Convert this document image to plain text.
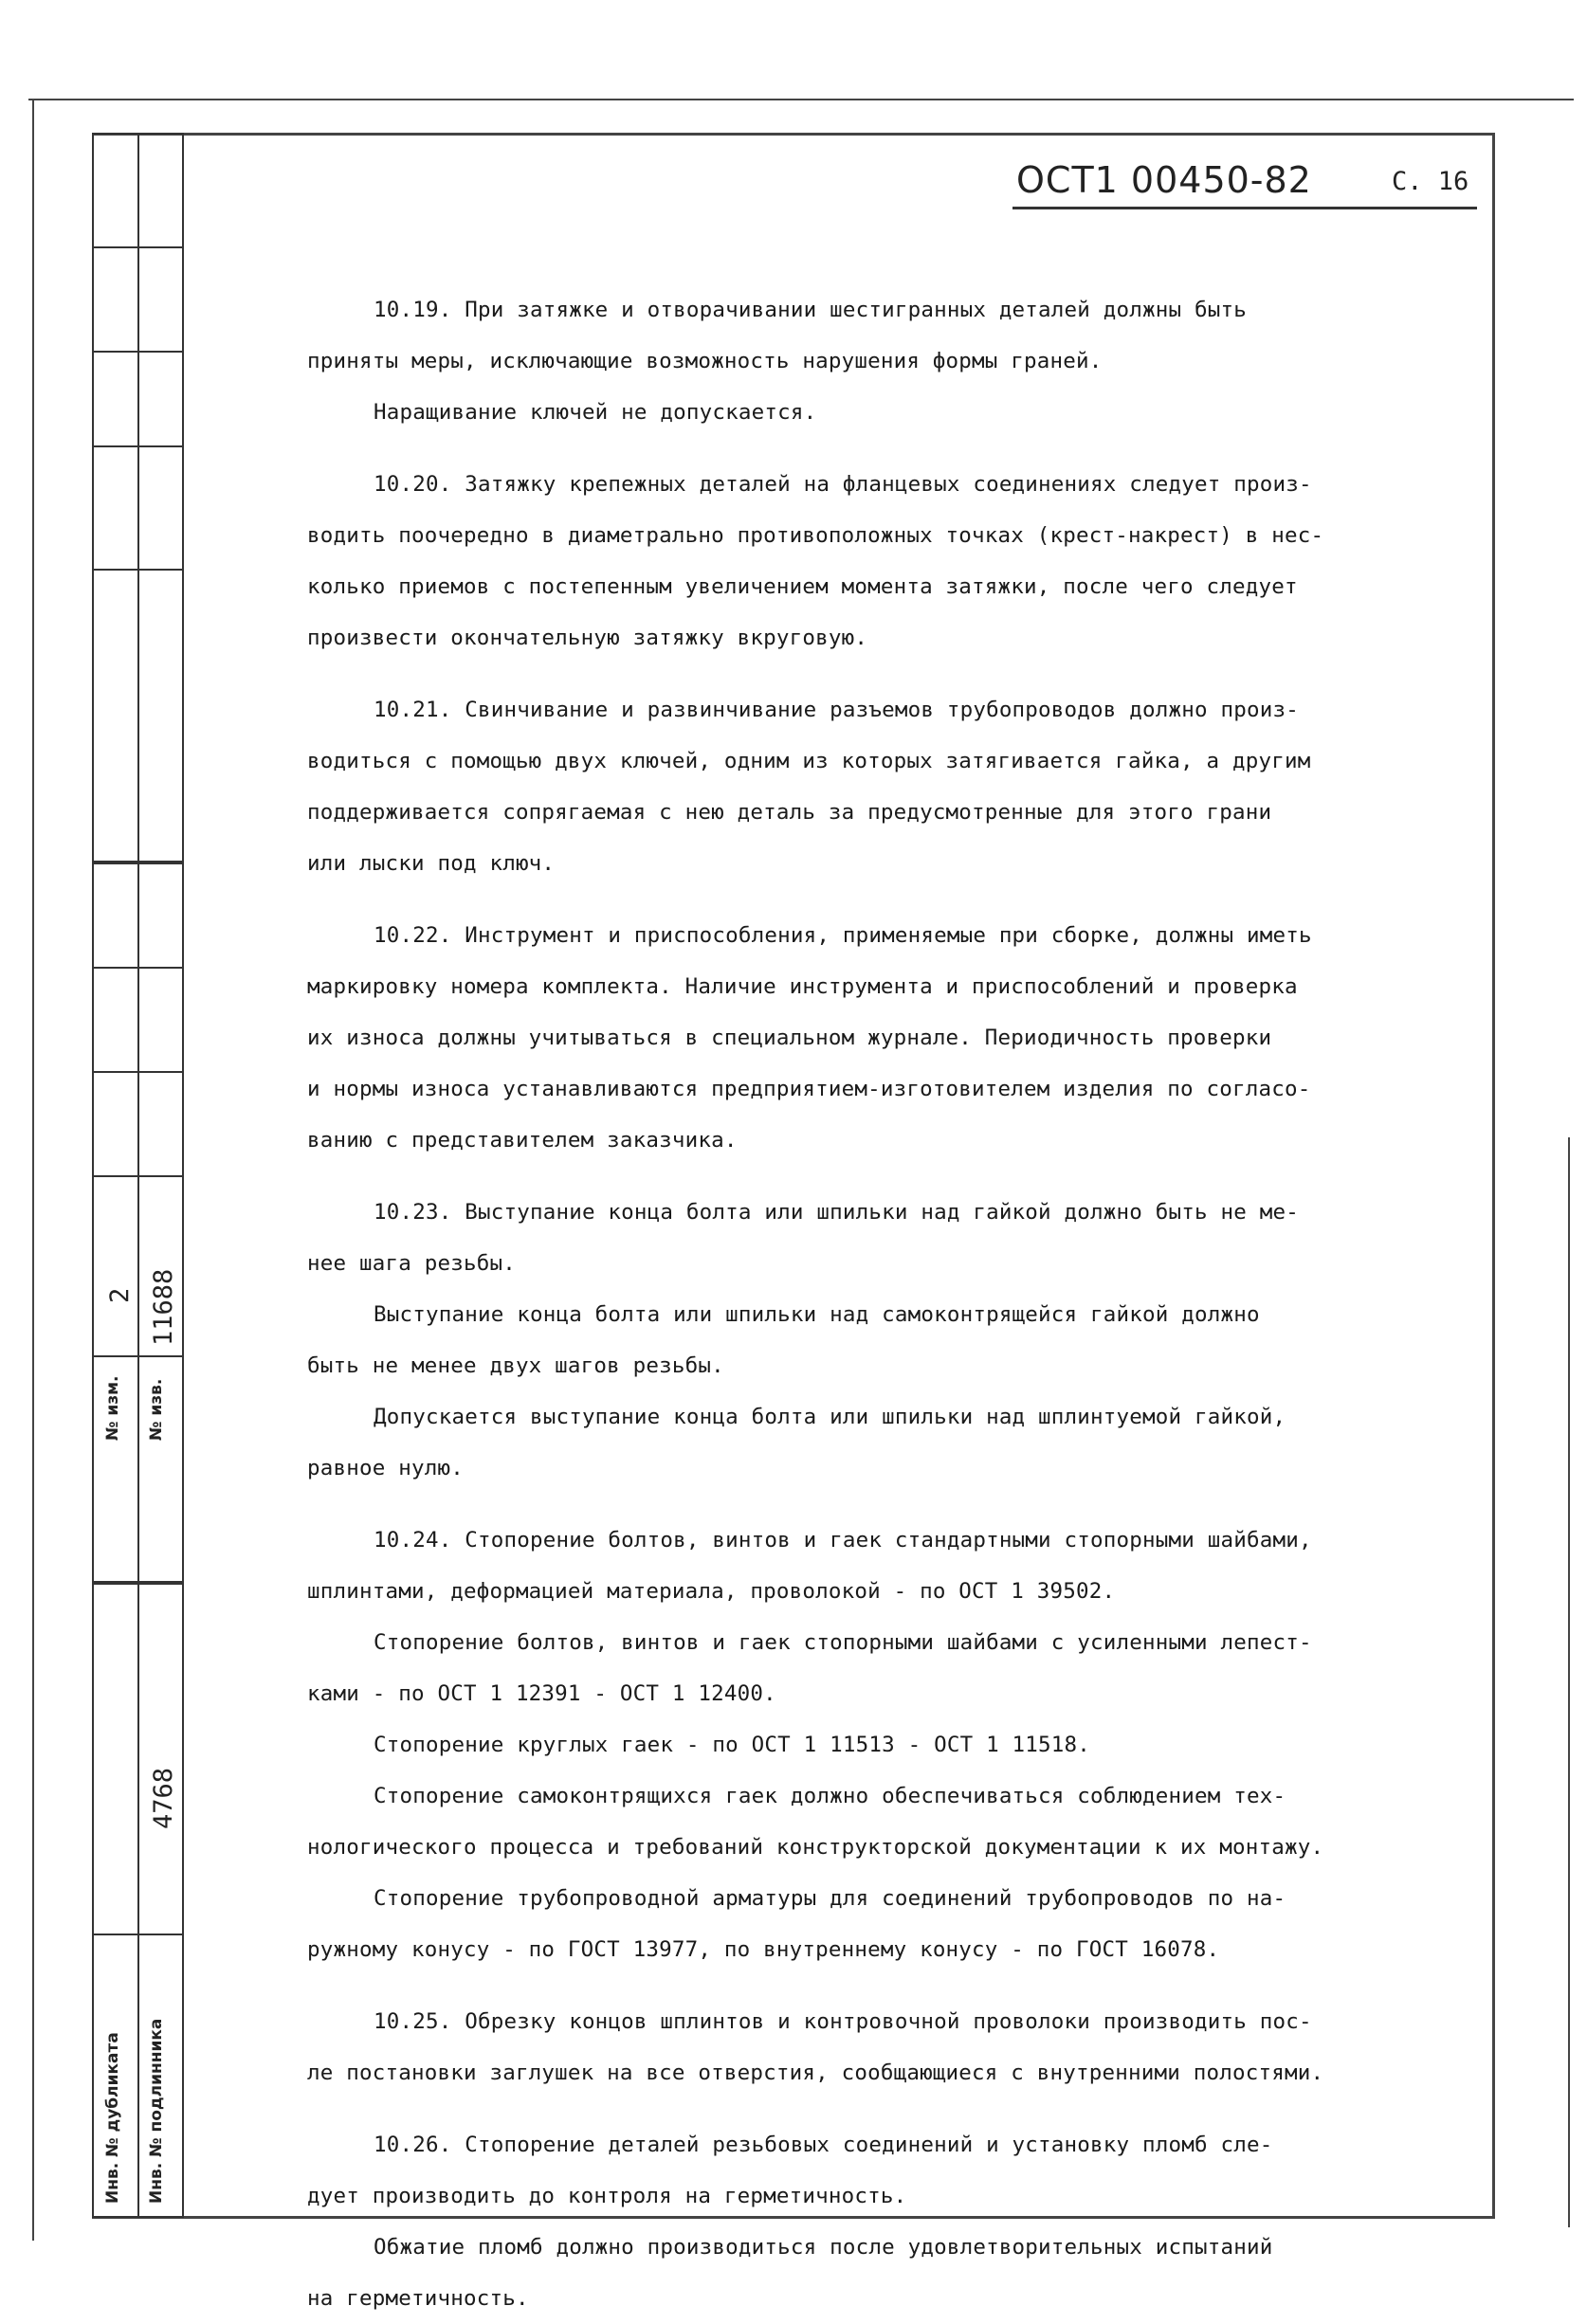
№ изм.
2
№ изв.
11688
4768
Инв. № дубликата Инв. № подлинника
ОСТ1 00450-82	С. 16

10.19. При затяжке и отворачивании шестигранных деталей должны быть
приняты меры, исключающие возможность нарушения формы граней.

Наращивание ключей не допускается.

10.20. Затяжку крепежных деталей на фланцевых соединениях следует произ-
водить поочередно в диаметрально противоположных точках (крест-накрест) в нес-
колько приемов с постепенным увеличением момента затяжки, после чего следует
произвести окончательную затяжку вкруговую.

10.21. Свинчивание и развинчивание разъемов трубопроводов должно произ-
водиться с помощью двух ключей, одним из которых затягивается гайка, а другим
поддерживается сопрягаемая с нею деталь за предусмотренные для этого грани
или лыски под ключ.

10.22. Инструмент и приспособления, применяемые при сборке, должны иметь
маркировку номера комплекта. Наличие инструмента и приспособлений и проверка
их износа должны учитываться в специальном журнале. Периодичность проверки
и нормы износа устанавливаются предприятием-изготовителем изделия по согласо-
ванию с представителем заказчика.

10.23. Выступание конца болта или шпильки над гайкой должно быть не ме-
нее шага резьбы.

Выступание конца болта или шпильки над самоконтрящейся гайкой должно
быть не менее двух шагов резьбы.

Допускается выступание конца болта или шпильки над шплинтуемой гайкой,
равное нулю.

10.24. Стопорение болтов, винтов и гаек стандартными стопорными шайбами,
шплинтами, деформацией материала, проволокой - по ОСТ 1 39502.

Стопорение болтов, винтов и гаек стопорными шайбами с усиленными лепест-
ками - по ОСТ 1 12391 - ОСТ 1 12400.

Стопорение круглых гаек - по ОСТ 1 11513 - ОСТ 1 11518.

Стопорение самоконтрящихся гаек должно обеспечиваться соблюдением тех-
нологического процесса и требований конструкторской документации к их монтажу.

Стопорение трубопроводной арматуры для соединений трубопроводов по на-
ружному конусу - по ГОСТ 13977, по внутреннему конусу - по ГОСТ 16078.

10.25. Обрезку концов шплинтов и контровочной проволоки производить пос-
ле постановки заглушек на все отверстия, сообщающиеся с внутренними полостями.

10.26. Стопорение деталей резьбовых соединений и установку пломб сле-
дует производить до контроля на герметичность.

Обжатие пломб должно производиться после удовлетворительных испытаний
на герметичность.
